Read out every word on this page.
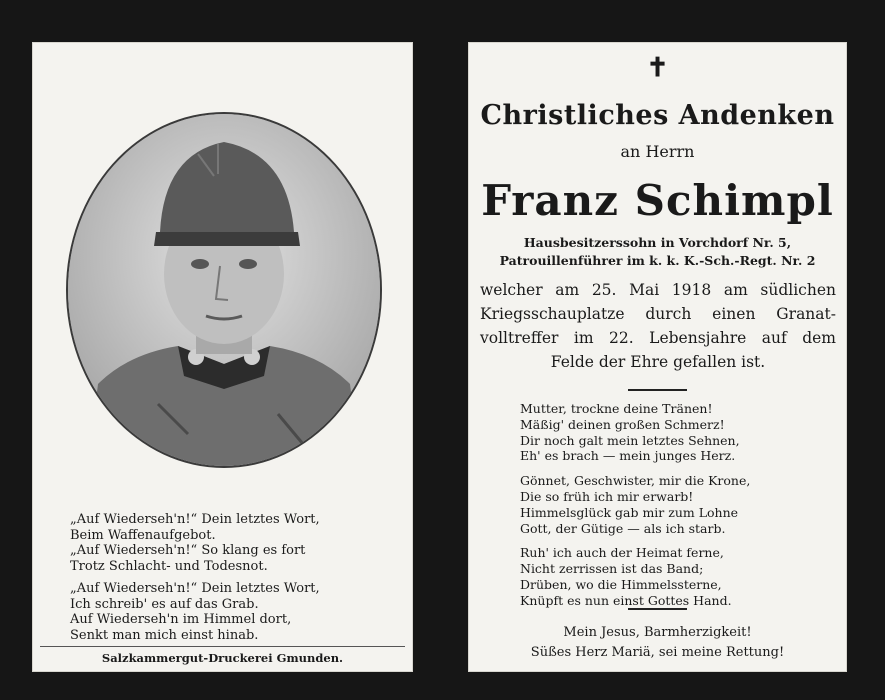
„Auf Wiederseh'n!“ Dein letztes Wort,
Beim Waffenaufgebot.
„Auf Wiederseh'n!“ So klang es fort
Trotz Schlacht- und Todesnot.
„Auf Wiederseh'n!“ Dein letztes Wort,
Ich schreib' es auf das Grab.
Auf Wiederseh'n im Himmel dort,
Senkt man mich einst hinab.
Salzkammergut-Druckerei Gmunden.
✝
Christliches Andenken
an Herrn
Franz Schimpl
Hausbesitzerssohn in Vorchdorf Nr. 5,
Patrouillenführer im k. k. K.-Sch.-Regt. Nr. 2
welcher am 25. Mai 1918 am südlichen
Kriegsschauplatze durch einen Granat-
volltreffer im 22. Lebensjahre auf dem
Felde der Ehre gefallen ist.
Mutter, trockne deine Tränen!
Mäßig' deinen großen Schmerz!
Dir noch galt mein letztes Sehnen,
Eh' es brach — mein junges Herz.
Gönnet, Geschwister, mir die Krone,
Die so früh ich mir erwarb!
Himmelsglück gab mir zum Lohne
Gott, der Gütige — als ich starb.
Ruh' ich auch der Heimat ferne,
Nicht zerrissen ist das Band;
Drüben, wo die Himmelssterne,
Knüpft es nun einst Gottes Hand.
Mein Jesus, Barmherzigkeit!
Süßes Herz Mariä, sei meine Rettung!
